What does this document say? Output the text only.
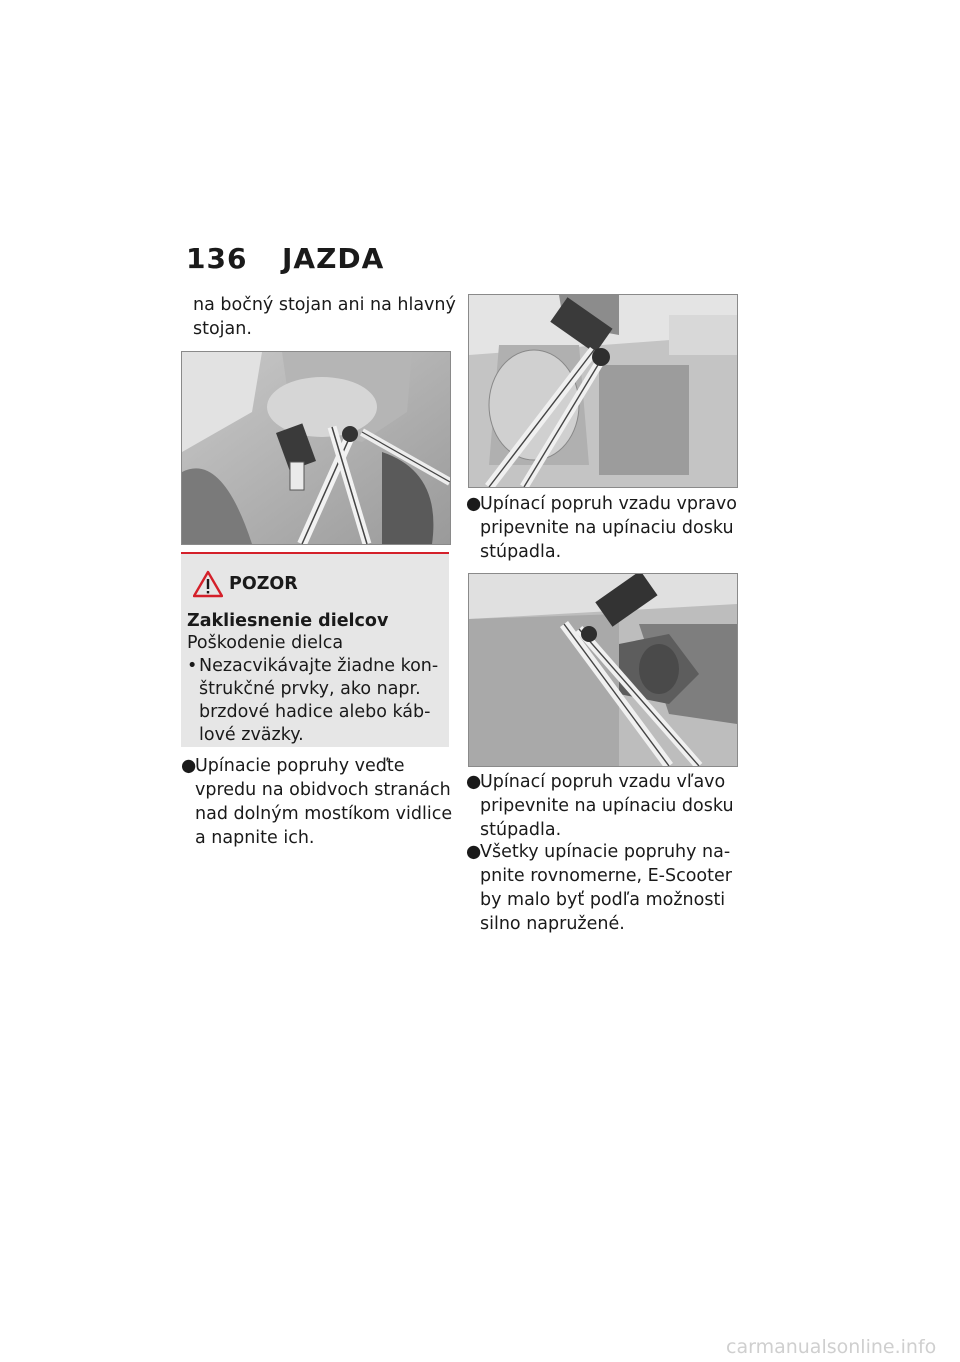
136 JAZDA
na bočný stojan ani na hlavný
stojan.
POZOR
Zakliesnenie dielcov
Poškodenie dielca
• Nezacvikávajte žiadne kon-
štrukčné prvky, ako napr.
brzdové hadice alebo káb-
lové zväzky.
●
Upínacie popruhy veďte
vpredu na obidvoch stranách
nad dolným mostíkom vidlice
a napnite ich.
●
Upínací popruh vzadu vpravo
pripevnite na upínaciu dosku
stúpadla.
●
Upínací popruh vzadu vľavo
pripevnite na upínaciu dosku
stúpadla.
●
Všetky upínacie popruhy na-
pnite rovnomerne, E-Scooter
by malo byť podľa možnosti
silno napružené.
carmanualsonline.info
